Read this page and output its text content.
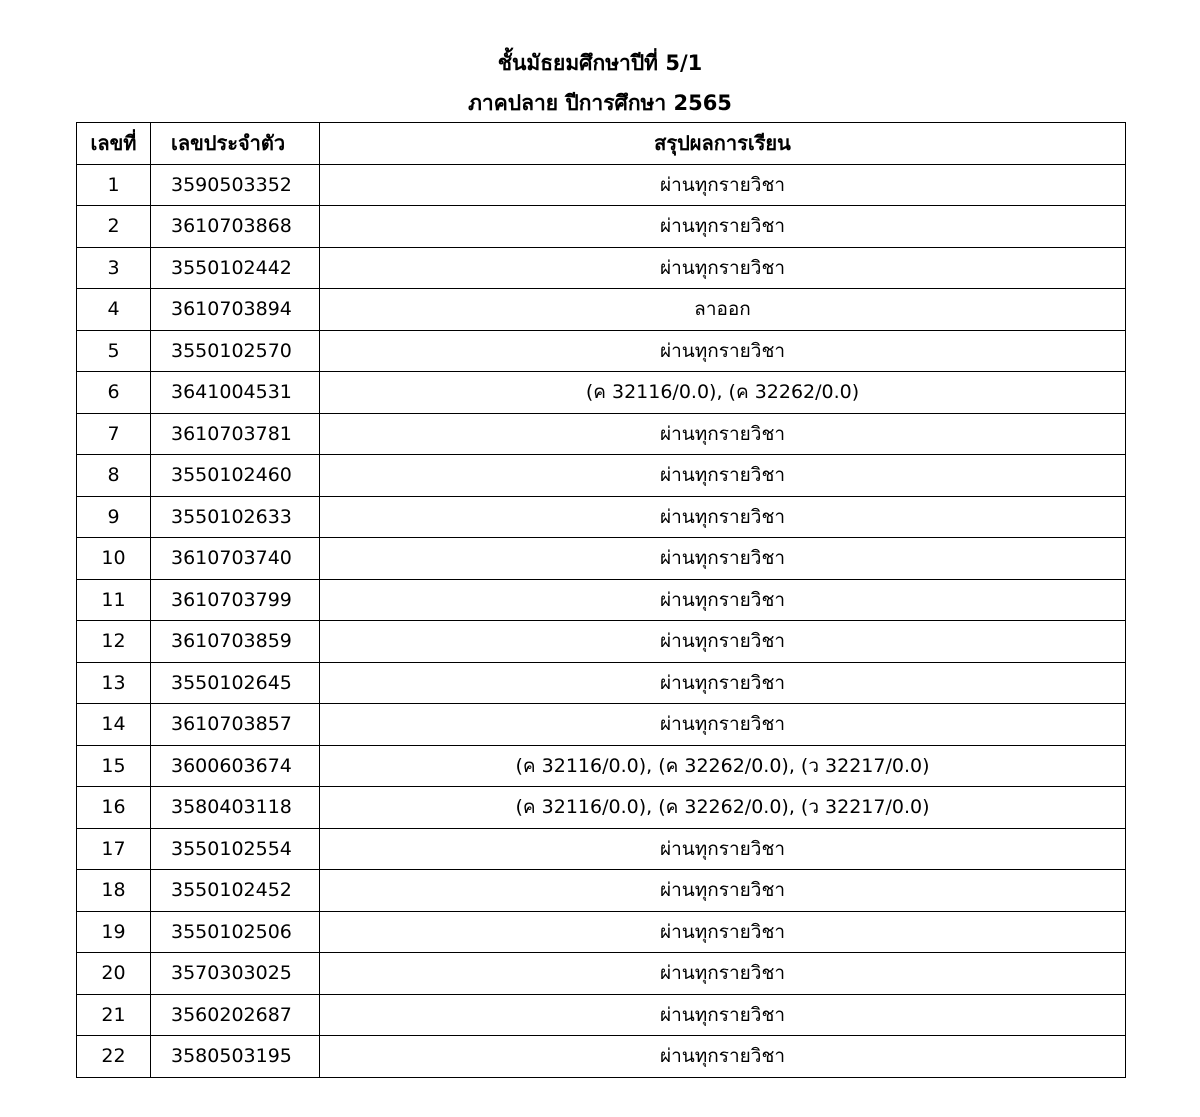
ชั้นมัธยมศึกษาปีที่ 5/1
ภาคปลาย ปีการศึกษา 2565
เลขที่	เลขประจำตัว	สรุปผลการเรียน
1	3590503352	ผ่านทุกรายวิชา
2	3610703868	ผ่านทุกรายวิชา
3	3550102442	ผ่านทุกรายวิชา
4	3610703894	ลาออก
5	3550102570	ผ่านทุกรายวิชา
6	3641004531	(ค 32116/0.0), (ค 32262/0.0)
7	3610703781	ผ่านทุกรายวิชา
8	3550102460	ผ่านทุกรายวิชา
9	3550102633	ผ่านทุกรายวิชา
10	3610703740	ผ่านทุกรายวิชา
11	3610703799	ผ่านทุกรายวิชา
12	3610703859	ผ่านทุกรายวิชา
13	3550102645	ผ่านทุกรายวิชา
14	3610703857	ผ่านทุกรายวิชา
15	3600603674	(ค 32116/0.0), (ค 32262/0.0), (ว 32217/0.0)
16	3580403118	(ค 32116/0.0), (ค 32262/0.0), (ว 32217/0.0)
17	3550102554	ผ่านทุกรายวิชา
18	3550102452	ผ่านทุกรายวิชา
19	3550102506	ผ่านทุกรายวิชา
20	3570303025	ผ่านทุกรายวิชา
21	3560202687	ผ่านทุกรายวิชา
22	3580503195	ผ่านทุกรายวิชา
